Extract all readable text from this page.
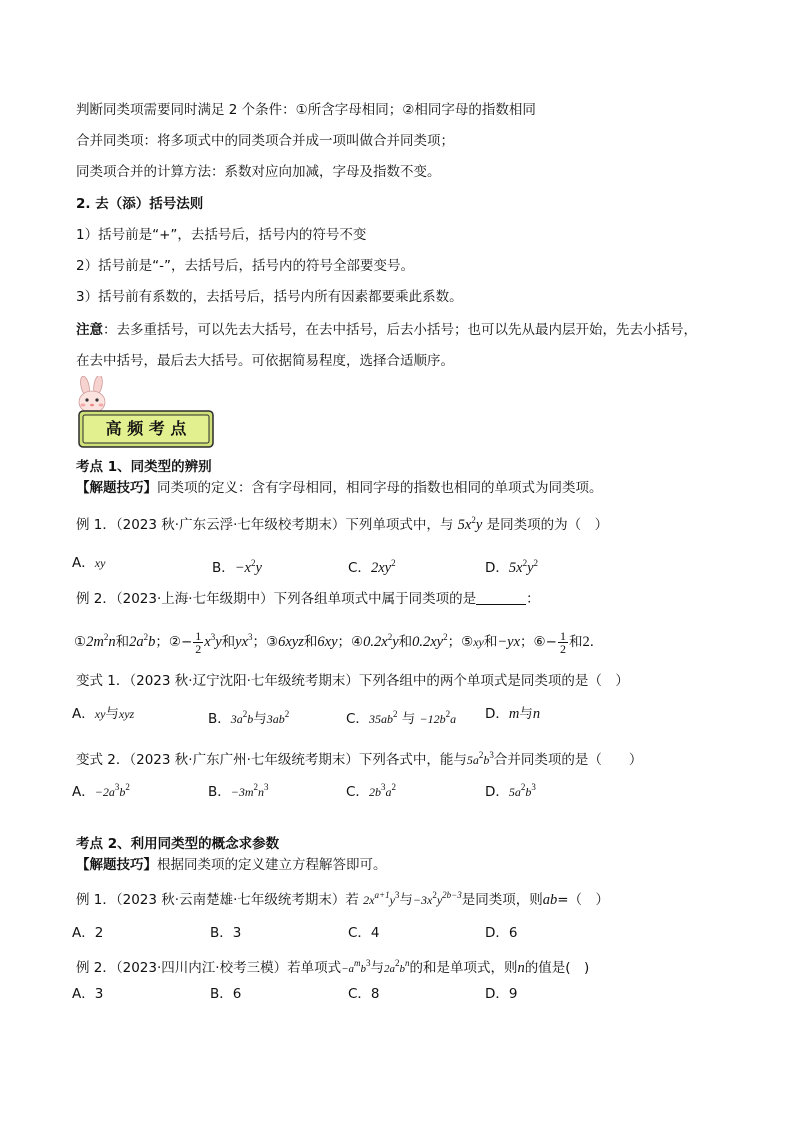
判断同类项需要同时满足 2 个条件：①所含字母相同；②相同字母的指数相同
合并同类项：将多项式中的同类项合并成一项叫做合并同类项；
同类项合并的计算方法：系数对应向加减，字母及指数不变。
2. 去（添）括号法则
1）括号前是“+”，去括号后，括号内的符号不变
2）括号前是“-”，去括号后，括号内的符号全部要变号。
3）括号前有系数的，去括号后，括号内所有因素都要乘此系数。
注意：去多重括号，可以先去大括号，在去中括号，后去小括号；也可以先从最内层开始，先去小括号，
在去中括号，最后去大括号。可依据简易程度，选择合适顺序。
高 频 考 点
考点 1、同类型的辨别
【解题技巧】同类项的定义：含有字母相同，相同字母的指数也相同的单项式为同类项。
例 1．（2023 秋·广东云浮·七年级校考期末）下列单项式中，与 $5x^2y$ 是同类项的为（　）
A．xy	B．$-x^2y$	C．$2xy^2$	D．$5x^2y^2$
例 2．（2023·上海·七年级期中）下列各组单项式中属于同类项的是	：
$①2m^2n$和$2a^2b$；②− $\frac{1}{2} x^3y$和$yx^3$；③6xyz和6xy；$④0.2x^2y$和$0.2xy^2$；⑤xy和−yx；⑥− $\frac{1}{2}$ 和2．
变式 1．（2023 秋·辽宁沈阳·七年级统考期末）下列各组中的两个单项式是同类项的是（　）
A．xy与xyz	B．$3a^2b$与$3ab^2$	C．$35ab^2$ 与 $-12b^2a$ D．m与n
变式 2．（2023 秋·广东广州·七年级统考期末）下列各式中，能与$5a^2b^3$合并同类项的是（　　）
A．$-2a^3b^2$	B．$-3m^2n^3$	C．$2b^3a^2$	D．$5a^2b^3$
考点 2、利用同类型的概念求参数
【解题技巧】根据同类项的定义建立方程解答即可。
例 1．（2023 秋·云南楚雄·七年级统考期末）若 $2x^{a+1}y^3$与$-3x^2y^{2b-3}$是同类项，则ab=（　）
A．2	B．3	C．4	D．6
例 2．（2023·四川内江·校考三模）若单项式$-a^mb^3$与$2a^2b^n$的和是单项式，则n的值是(　)
A．3	B．6	C．8	D．9
